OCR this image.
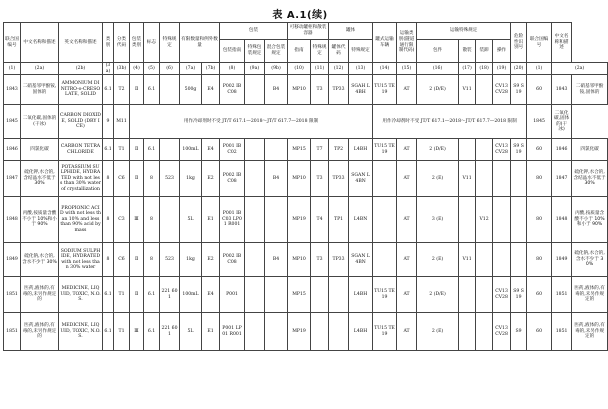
表 A.1(续)
联合国编号	中文名称和描述	英文名称和描述	类别	分类代码	包装类别	标志	特殊规定	有限数量和例外数量		包装			可移动罐柜和散装容器		罐体		罐式运输车辆	运输类别(隧道通行限制代码)	运输特殊规定				危险性识别号	联合国编号	中文名称和描述	
										包装指南	特殊包装规定	混合包装规定	指南	特殊规定	罐体代码	特殊规定			包件	散装	装卸	操作				
(1)	(2a)	(2b)	(3a)	(3b)	(4)	(5)	(6)	(7a)	(7b)	(8)	(9a)	(9b)	(10)	(11)	(12)	(13)	(14)	(15)	(16)	(17)	(18)	(19)	(20)	(1)	(2a)	
1843	二硝基邻甲酚铵,固体的	AMMONIUM DINITRO-o-CRESOLATE, SOLID	6.1	T2	Ⅱ	6.1		500g	E4	P002 IBC08		B4	MP10	T3	TP33	SGAH L4BH	TU15 TE19	AT	2 (D/E)	V11		CV13 CV28	S9 S19	60	1843	二硝基邻甲酚铵,固体的
1845	二氧化碳,固体的(干冰)	CARBON DIOXIDE, SOLID (DRY ICE)	9	M11	用作冷却剂时不受 JT/T 617.1—2018～JT/T 617.7—2018 限制												用作冷却剂时不受 JT/T 617.1—2018～JT/T 617.7—2018 限制							1845	二氧化碳,固体的(干冰)	
1846	四氯化碳	CARBON TETRACHLORIDE	6.1	T1	Ⅱ	6.1		100mL	E4	P001 IBC02			MP15	T7	TP2	L4BH	TU15 TE19	AT	2 (D/E)			CV13 CV28	S9 S19	60	1846	四氯化碳
1847	硫化钾,水合的,含结晶水不低于 30%	POTASSIUM SULPHIDE, HYDRATED with not less than 30% water of crystallization	8	C6	Ⅱ	8	523	1kg	E2	P002 IBC08		B4	MP10	T3	TP33	SGAN L4BN		AT	2 (E)	V11				80	1847	硫化钾,水合的,含结晶水不低于 30%
1848	丙酸,按质量含酸不小于 10%和小于 90%	PROPIONIC ACID with not less than 10% and less than 90% acid by mass	8	C3	Ⅲ	8		5L	E1	P001 IBC03 LP01 R001			MP19	T4	TP1	L4BN		AT	3 (E)		V12			80	1848	丙酸,按质量含酸不小于 10%和小于 90%
1849	硫化钠,水合的,含水不少于 30%	SODIUM SULPHIDE, HYDRATED with not less than 30% water	8	C6	Ⅱ	8	523	1kg	E2	P002 IBC08		B4	MP10	T3	TP33	SGAN L4BN		AT	2 (E)	V11				80	1849	硫化钠,水合的,含水不少于 30%
1851	医药,液体的,有毒的,未另作规定的	MEDICINE, LIQUID, TOXIC, N.O.S.	6.1	T1	Ⅱ	6.1	221 601	100mL	E4	P001			MP15			L4BH	TU15 TE19	AT	2 (D/E)			CV13 CV28	S9 S19	60	1851	医药,液体的,有毒的,未另作规定的
1851	医药,液体的,有毒的,未另作规定的	MEDICINE, LIQUID, TOXIC, N.O.S.	6.1	T1	Ⅲ	6.1	221 601	5L	E1	P001 LP01 R001			MP19			L4BH	TU15 TE19	AT	2 (E)			CV13 CV28	S9	60	1851	医药,液体的,有毒的,未另作规定的
